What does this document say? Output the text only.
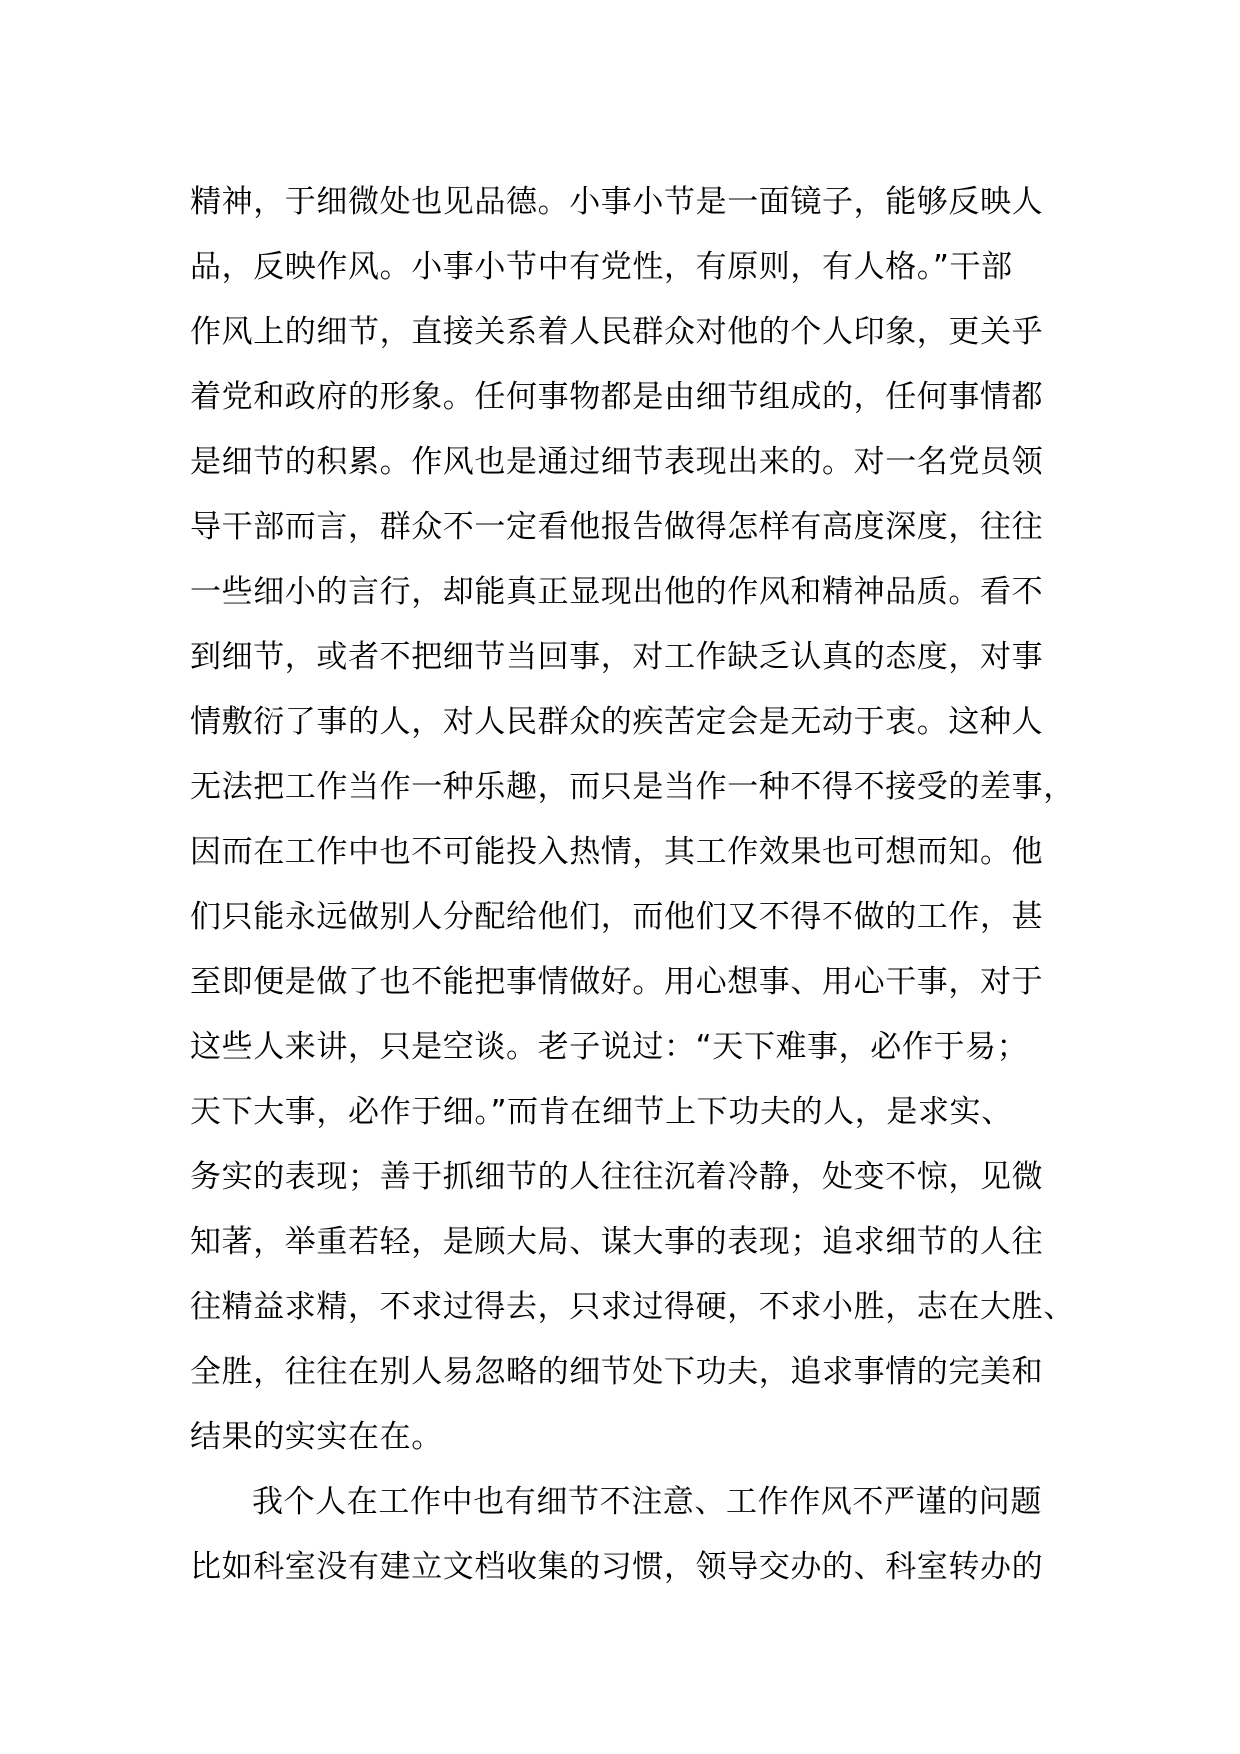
精神，于细微处也见品德。小事小节是一面镜子，能够反映人
品，反映作风。小事小节中有党性，有原则，有人格。”干部
作风上的细节，直接关系着人民群众对他的个人印象，更关乎
着党和政府的形象。任何事物都是由细节组成的，任何事情都
是细节的积累。作风也是通过细节表现出来的。对一名党员领
导干部而言，群众不一定看他报告做得怎样有高度深度，往往
一些细小的言行，却能真正显现出他的作风和精神品质。看不
到细节，或者不把细节当回事，对工作缺乏认真的态度，对事
情敷衍了事的人，对人民群众的疾苦定会是无动于衷。这种人
无法把工作当作一种乐趣，而只是当作一种不得不接受的差事，
因而在工作中也不可能投入热情，其工作效果也可想而知。他
们只能永远做别人分配给他们，而他们又不得不做的工作，甚
至即便是做了也不能把事情做好。用心想事、用心干事，对于
这些人来讲，只是空谈。老子说过：“天下难事，必作于易；
天下大事，必作于细。”而肯在细节上下功夫的人，是求实、
务实的表现；善于抓细节的人往往沉着冷静，处变不惊，见微
知著，举重若轻，是顾大局、谋大事的表现；追求细节的人往
往精益求精，不求过得去，只求过得硬，不求小胜，志在大胜、
全胜，往往在别人易忽略的细节处下功夫，追求事情的完美和
结果的实实在在。
我个人在工作中也有细节不注意、工作作风不严谨的问题
比如科室没有建立文档收集的习惯，领导交办的、科室转办的
